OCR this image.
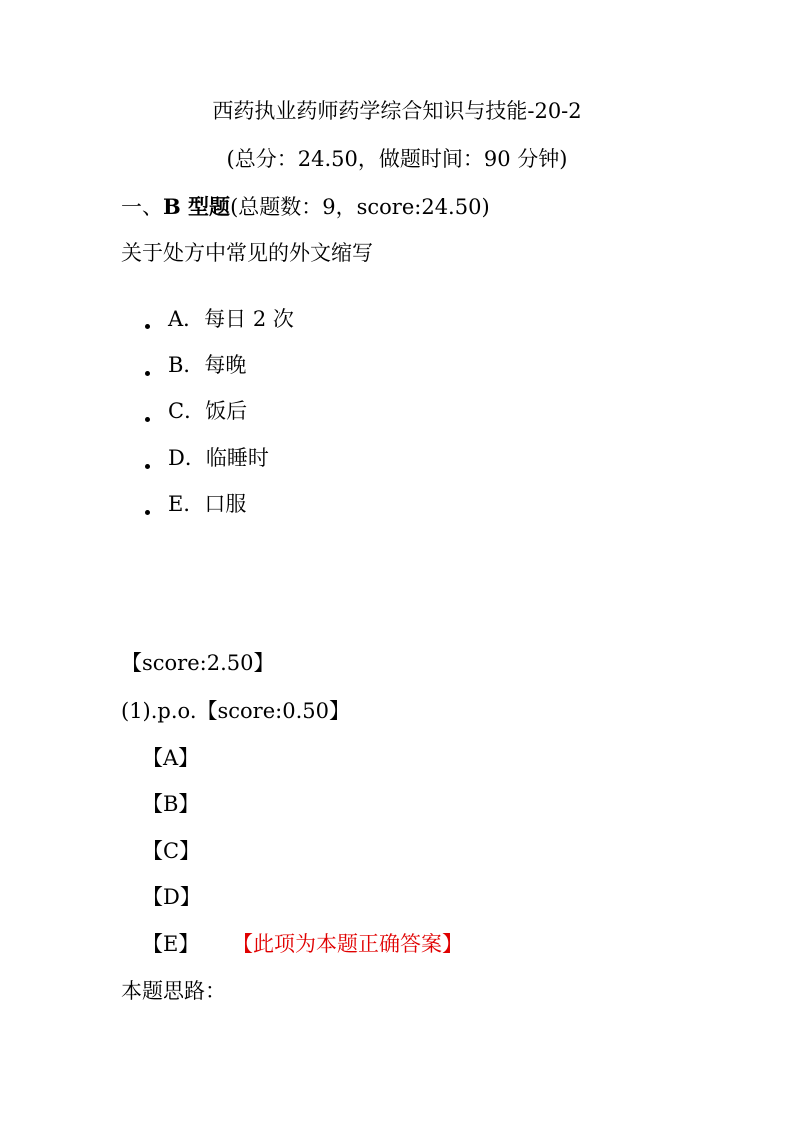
西药执业药师药学综合知识与技能-20-2
(总分：24.50，做题时间：90 分钟)
一、B 型题(总题数：9，score:24.50)
关于处方中常见的外文缩写
A．每日 2 次
B．每晚
C．饭后
D．临睡时
E．口服
【score:2.50】
(1).p.o.【score:0.50】
【A】
【B】
【C】
【D】
【E】 【此项为本题正确答案】
本题思路：
